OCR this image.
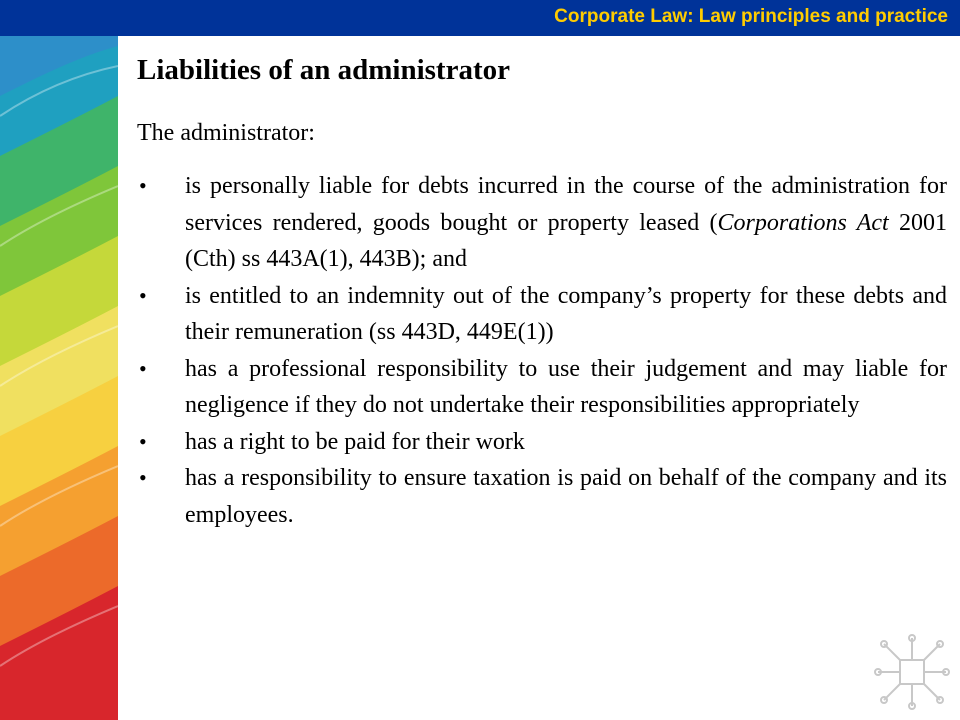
Corporate Law: Law principles and practice
Liabilities of an administrator

The administrator:

• is personally liable for debts incurred in the course of the administration for services rendered, goods bought or property leased (Corporations Act 2001 (Cth) ss 443A(1), 443B); and
• is entitled to an indemnity out of the company’s property for these debts and their remuneration (ss 443D, 449E(1))
• has a professional responsibility to use their judgement and may liable for negligence if they do not undertake their responsibilities appropriately
• has a right to be paid for their work
• has a responsibility to ensure taxation is paid on behalf of the company and its employees.
